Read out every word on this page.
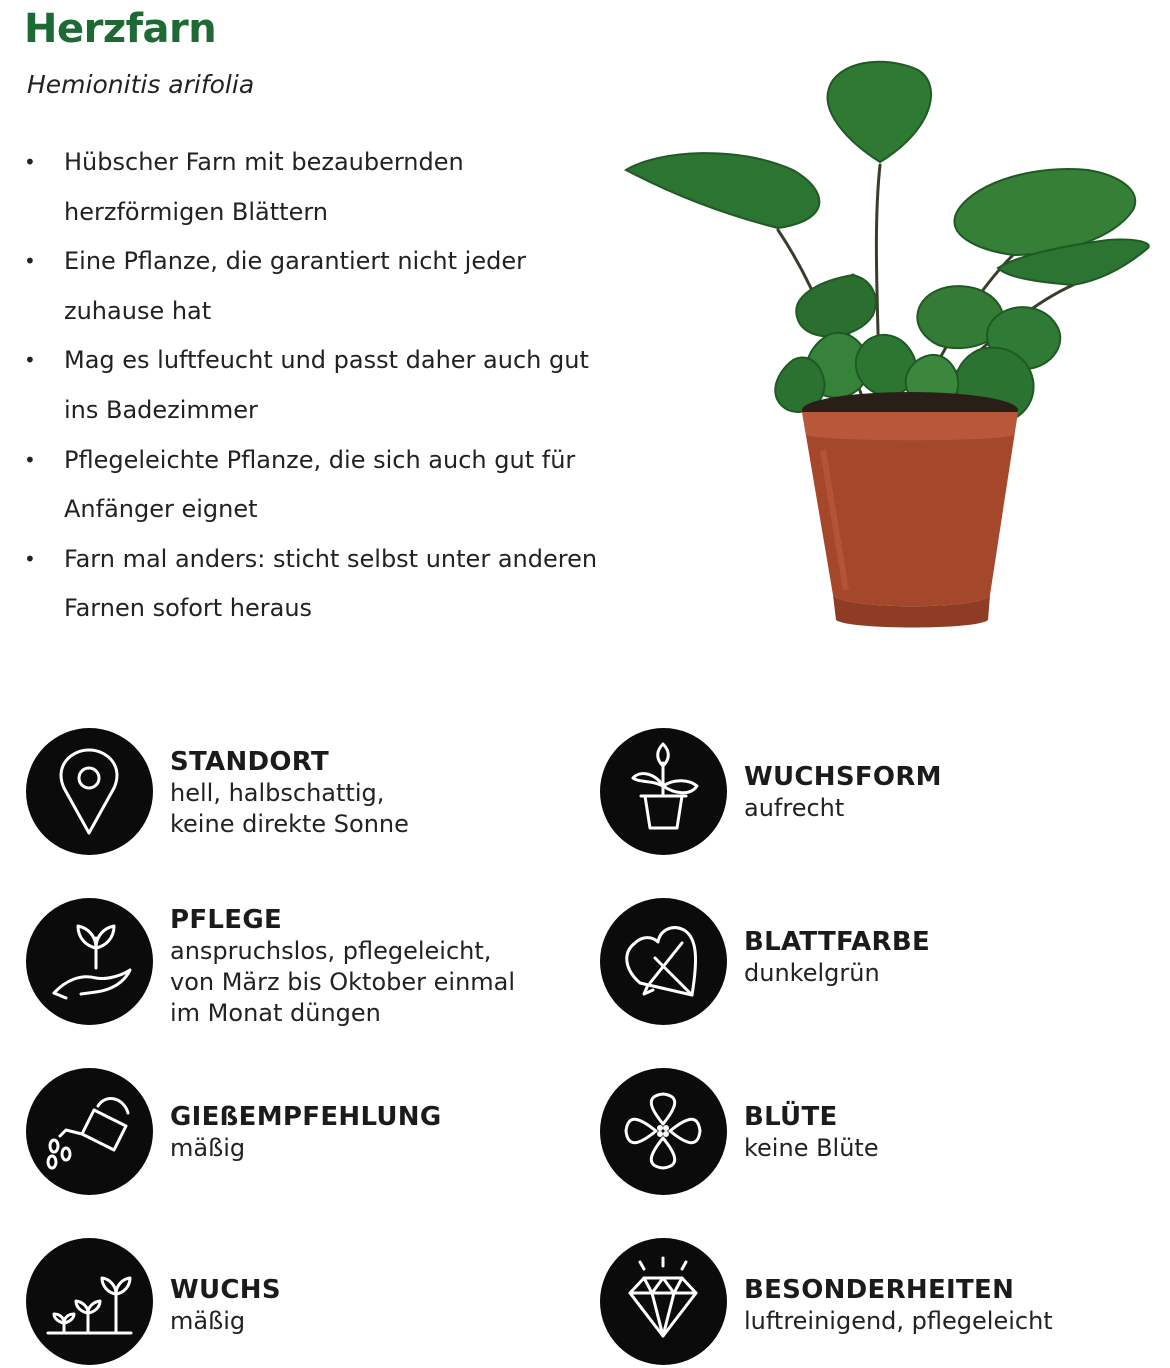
Herzfarn
Hemionitis arifolia
• Hübscher Farn mit bezaubernden herzförmigen Blättern
• Eine Pflanze, die garantiert nicht jeder zuhause hat
• Mag es luftfeucht und passt daher auch gut ins Badezimmer
• Pflegeleichte Pflanze, die sich auch gut für Anfänger eignet
• Farn mal anders: sticht selbst unter anderen Farnen sofort heraus
STANDORT
hell, halbschattig,
keine direkte Sonne
WUCHSFORM
aufrecht
PFLEGE
anspruchslos, pflegeleicht,
von März bis Oktober einmal
im Monat düngen
BLATTFARBE
dunkelgrün
GIEßEMPFEHLUNG
mäßig
BLÜTE
keine Blüte
WUCHS
mäßig
BESONDERHEITEN
luftreinigend, pflegeleicht
